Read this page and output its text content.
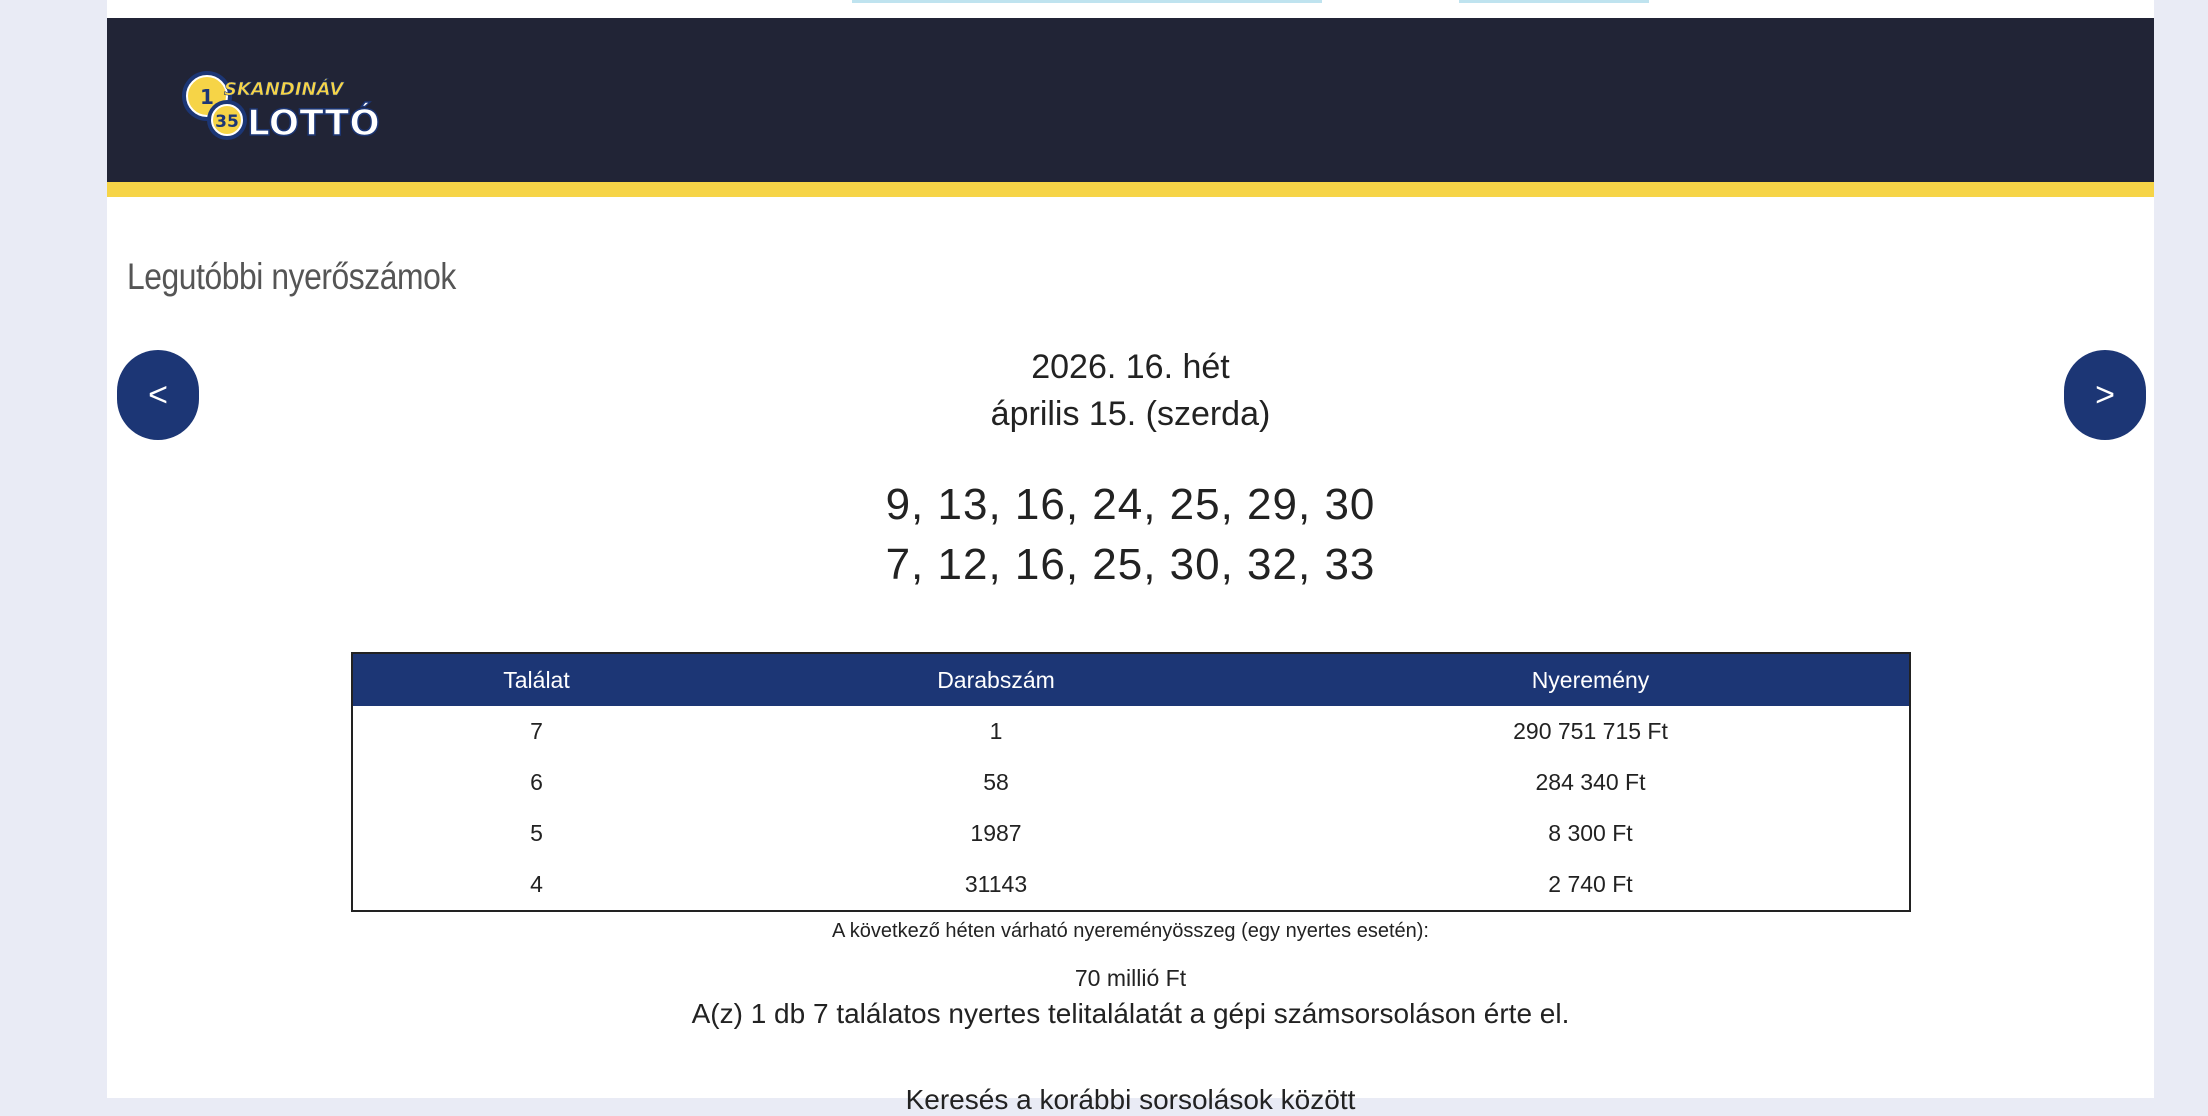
1
35
SKANDINÁV
LOTTÓ
Legutóbbi nyerőszámok
<	>
2026. 16. hét
április 15. (szerda)
9, 13, 16, 24, 25, 29, 30
7, 12, 16, 25, 30, 32, 33
Találat	Darabszám	Nyeremény
7	1	290 751 715 Ft
6	58	284 340 Ft
5	1987	8 300 Ft
4	31143	2 740 Ft
A következő héten várható nyereményösszeg (egy nyertes esetén):
70 millió Ft
A(z) 1 db 7 találatos nyertes telitalálatát a gépi számsorsoláson érte el.
Keresés a korábbi sorsolások között
